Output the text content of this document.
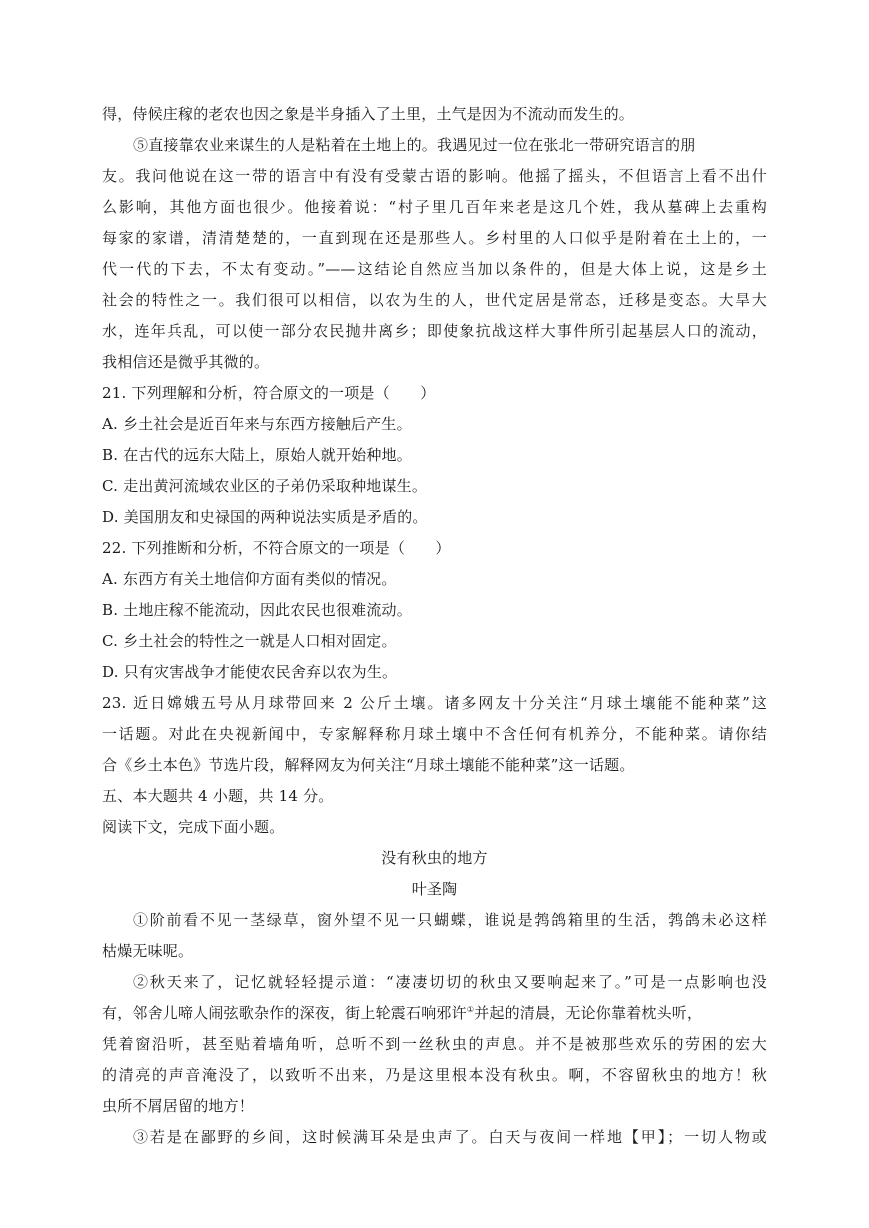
得，侍候庄稼的老农也因之象是半身插入了土里，土气是因为不流动而发生的。
⑤直接靠农业来谋生的人是粘着在土地上的。我遇见过一位在张北一带研究语言的朋
友。我问他说在这一带的语言中有没有受蒙古语的影响。他摇了摇头，不但语言上看不出什
么影响，其他方面也很少。他接着说：“村子里几百年来老是这几个姓，我从墓碑上去重构
每家的家谱，清清楚楚的，一直到现在还是那些人。乡村里的人口似乎是附着在土上的，一
代一代的下去，不太有变动。”——这结论自然应当加以条件的，但是大体上说，这是乡土
社会的特性之一。我们很可以相信，以农为生的人，世代定居是常态，迁移是变态。大旱大
水，连年兵乱，可以使一部分农民抛井离乡；即使象抗战这样大事件所引起基层人口的流动，
我相信还是微乎其微的。
21. 下列理解和分析，符合原文的一项是（　　）
A. 乡土社会是近百年来与东西方接触后产生。
B. 在古代的远东大陆上，原始人就开始种地。
C. 走出黄河流域农业区的子弟仍采取种地谋生。
D. 美国朋友和史禄国的两种说法实质是矛盾的。
22. 下列推断和分析，不符合原文的一项是（　　）
A. 东西方有关土地信仰方面有类似的情况。
B. 土地庄稼不能流动，因此农民也很难流动。
C. 乡土社会的特性之一就是人口相对固定。
D. 只有灾害战争才能使农民舍弃以农为生。
23. 近日嫦娥五号从月球带回来 2 公斤土壤。诸多网友十分关注“月球土壤能不能种菜”这
一话题。对此在央视新闻中，专家解释称月球土壤中不含任何有机养分，不能种菜。请你结
合《乡土本色》节选片段，解释网友为何关注“月球土壤能不能种菜”这一话题。
五、本大题共 4 小题，共 14 分。
阅读下文，完成下面小题。
没有秋虫的地方
叶圣陶
①阶前看不见一茎绿草，窗外望不见一只蝴蝶，谁说是鹁鸽箱里的生活，鹁鸽未必这样
枯燥无味呢。
②秋天来了，记忆就轻轻提示道：“凄凄切切的秋虫又要响起来了。”可是一点影响也没
有，邻舍儿啼人闹弦歌杂作的深夜，街上轮震石响邪许①并起的清晨，无论你靠着枕头听，
凭着窗沿听，甚至贴着墙角听，总听不到一丝秋虫的声息。并不是被那些欢乐的劳困的宏大
的清亮的声音淹没了，以致听不出来，乃是这里根本没有秋虫。啊，不容留秋虫的地方！秋
虫所不屑居留的地方！
③若是在鄙野的乡间，这时候满耳朵是虫声了。白天与夜间一样地【甲】；一切人物或
